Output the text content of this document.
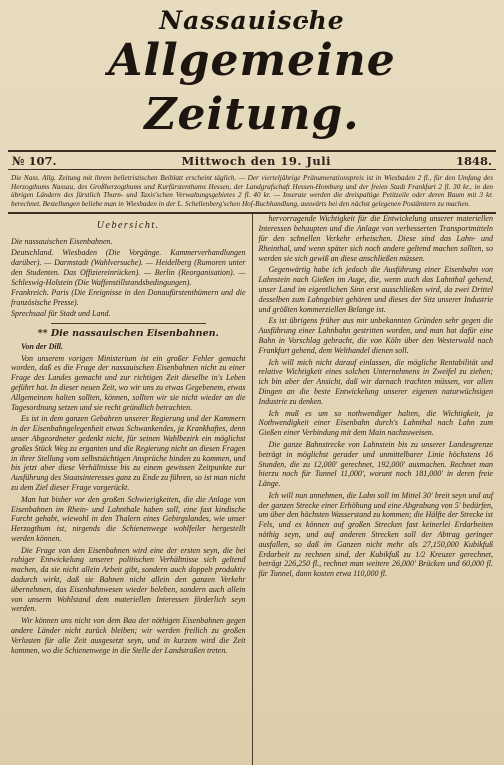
Nassauische
Allgemeine Zeitung.
№ 107.	Mittwoch den 19. Juli	1848.
Die Nass. Allg. Zeitung mit ihrem belletristischen Beiblatt erscheint täglich. — Der vierteljährige Pränumerationspreis ist in Wiesbaden 2 fl., für den Umfang des Herzogthums Nassau, des Großherzogthums und Kurfürstenthums Hessen, der Landgrafschaft Hessen-Homburg und der freien Stadt Frankfurt 2 fl. 30 kr., in den übrigen Ländern des fürstlich Thurn- und Taxis'schen Verwaltungsgebietes 2 fl. 40 kr. — Inserate werden die dreispaltige Petitzeile oder deren Raum mit 3 kr. berechnet. Bestellungen beliebe man in Wiesbaden in der L. Schellenberg'schen Hof-Buchhandlung, auswärts bei den nächst gelegenen Postämtern zu machen.
Uebersicht.

Die nassauischen Eisenbahnen.

Deutschland. Wiesbaden (Die Vorgänge. Kammerverhandlungen darüber). — Darmstadt (Wahlversuche). — Heidelberg (Rumoren unter den Studenten. Das Offiziereinrücken). — Berlin (Reorganisation). — Schleswig-Holstein (Die Waffenstillstandsbedingungen).

Frankreich. Paris (Die Ereignisse in den Donaufürstenthümern und die französische Presse).

Sprechsaal für Stadt und Land.

** Die nassauischen Eisenbahnen.

Von der Dill.

Von unserem vorigen Ministerium ist ein großer Fehler gemacht worden, daß es die Frage der nassauischen Eisenbahnen nicht zu einer Frage des Landes gemacht und zur richtigen Zeit dieselbe in's Leben geführt hat. In dieser neuen Zeit, wo wir uns zu etwas Gegebenem, etwas Allgemeinem halten sollten, können, sollten wir sie nicht wieder an die Tagesordnung setzen und sie recht gründlich betrachten.

Es ist in dem ganzen Gebahren unserer Regierung und der Kammern in der Eisenbahngelegenheit etwas Schwankendes, ja Krankhaftes, denn unser Abgeordneter gedenkt nicht, für seinen Wahlbezirk ein möglichst großes Stück Weg zu erganten und die Regierung nicht an diesen Fragen in ihrer Stellung vom selbstsüchtigen Ansprüche binden zu kommen, und bis jetzt aber diese Verhältnisse bis zu einem gewissen Zeitpunkte zur Ausführung des Staatsinteresses ganz zu Ende zu führen, so ist man nicht zu dem Ziel dieser Frage vorgerückt.

Man hat bisher vor den großen Schwierigkeiten, die die Anlage von Eisenbahnen im Rhein- und Lahnthale haben soll, eine fast kindische Furcht gehabt, wiewohl in den Thalern eines Gebirgslandes, wie unser Herzogthum ist, nirgends die Schienenwege wohlfeiler hergestellt werden können.

Die Frage von den Eisenbahnen wird eine der ersten seyn, die bei ruhiger Entwickelung unserer politischen Verhältnisse sich geltend machen, da sie nicht allein Arbeit gibt, sondern auch doppelt produktiv dadurch wirkt, daß sie Bahnen nicht allein den ganzen Verkehr übernehmen, das Eisenbahnwesen wieder beleben, sondern auch allein von unserm Wohlstand dem materiellen Interessen förderlich seyn werden.

Wir können uns nicht von dem Bau der nöthigen Eisenbahnen gegen andere Länder nicht zurück bleiben; wir werden freilich zu großen Verlusten für alle Zeit ausgesetzt seyn, und in kurzem wird die Zeit kommen, wo die Schienenwege in die Stelle der Landstraßen treten.

hervorragende Wichtigkeit für die Entwickelung unserer materiellen Interessen behaupten und die Anlage von verbesserten Transportmitteln für den schnellen Verkehr erheischen. Diese sind das Lahn- und Rheinthal, und wenn später sich noch andere geltend machen sollten, so werden sie sich gewiß an diese anschließen müssen.

Gegenwärtig habe ich jedoch die Ausführung einer Eisenbahn von Lahnstein nach Gießen im Auge, die, wenn auch das Lahnthal gehend, unser Land im eigentlichen Sinn erst ausschließen wird, da zwei Drittel desselben zum Lahngebiet gehören und dieses der Sitz unserer Industrie und größten kommerziellen Belange ist.

Es ist übrigens früher aus mir unbekannten Gründen sehr gegen die Ausführung einer Lahnbahn gestritten worden, und man hat dafür eine Bahn in Vorschlag gebracht, die von Köln über den Westerwald nach Frankfurt gehend, dem Welthandel dienen soll.

Ich will mich nicht darauf einlassen, die mögliche Rentabilität und relative Wichtigkeit eines solchen Unternehmens in Zweifel zu ziehen; ich bin aber der Ansicht, daß wir darnach trachten müssen, vor allen Dingen an die beste Entwickelung unserer eigenen naturwüchsigen Industrie zu denken.

Ich muß es um so nothwendiger halten, die Wichtigkeit, ja Nothwendigkeit einer Eisenbahn durch's Lahnthal nach Lahn zum Gießen einer Verbindung mit dem Main nachzuweisen.

Die ganze Bahnstrecke von Lahnstein bis zu unserer Landesgrenze beträgt in möglichst gerader und unmittelbarer Linie höchstens 16 Stunden, die zu 12,000' gerechnet, 192,000' ausmachen. Rechnet man hierzu noch für Tunnel 11,000', worunt noch 181,000' in deren freie Länge.

Ich will nun annehmen, die Lahn soll im Mittel 30' breit seyn und auf der ganzen Strecke einer Erhöhung und eine Abgrabung von 5' bedürfen, um über den höchsten Wasserstand zu kommen; die Hälfte der Strecke ist Fels, und es können auf großen Strecken fast keinerlei Erdarbeiten nöthig seyn, und auf anderen Strecken soll der Abtrag geringer ausfallen, so daß im Ganzen nicht mehr als 27,150,000 Kubikfuß Erdarbeit zu rechnen sind, der Kubikfuß zu 1/2 Kreuzer gerechnet, beträgt 226,250 fl., rechnet man weitere 26,000' Brücken und 60,000 fl. für Tunnel, dann kosten etwa 110,000 fl.
